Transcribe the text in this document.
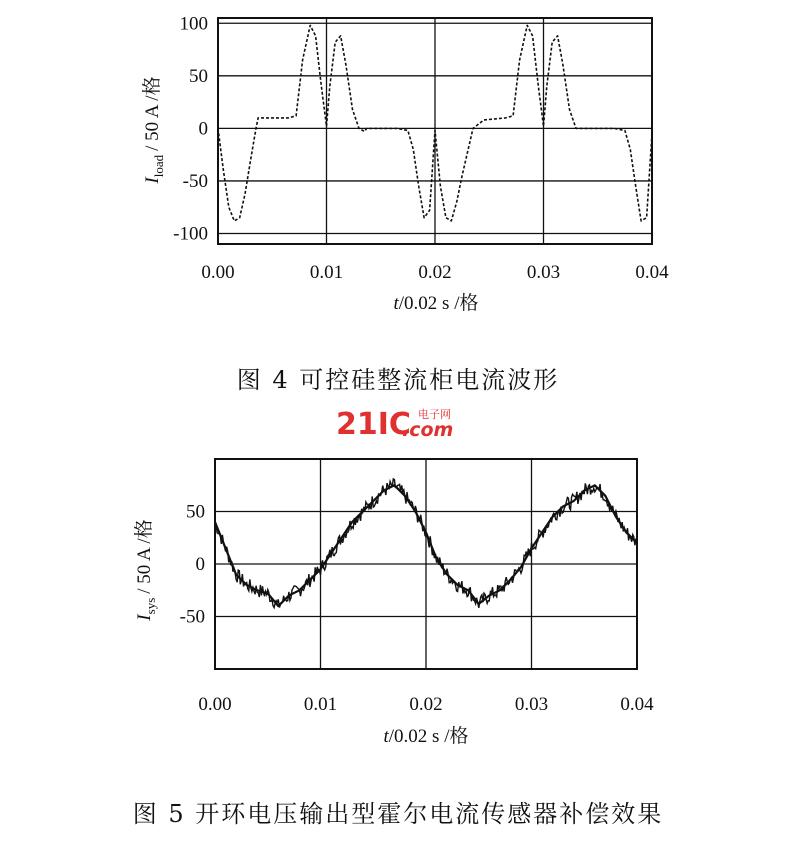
100
50
0
-50
-100
0.00	0.01	0.02	0.03	0.04
$I_{load}/$ 50 A /格
t/0.02 s /格
图 4 可控硅整流柜电流波形
21IC 电子网
.com
50
0
-50
0.00	0.01	0.02	0.03	0.04
$I_{sys}/$ 50 A /格
t/0.02 s /格
图 5 开环电压输出型霍尔电流传感器补偿效果
